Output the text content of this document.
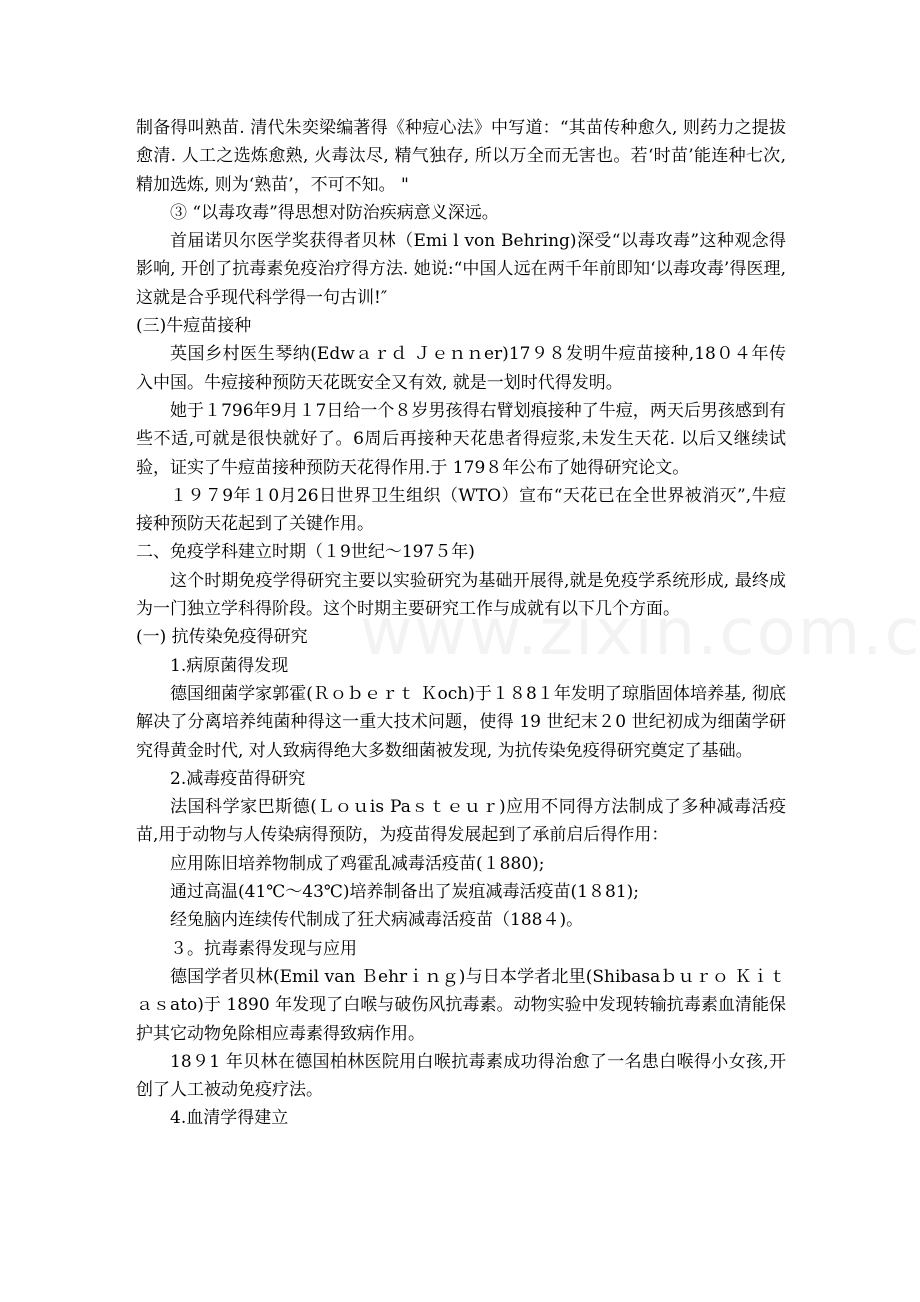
制备得叫熟苗. 清代朱奕梁编著得《种痘心法》中写道：“其苗传种愈久, 则药力之提拔愈清. 人工之选炼愈熟, 火毒汰尽, 精气独存, 所以万全而无害也。若‘时苗’能连种七次, 精加选炼, 则为‘熟苗’，不可不知。 "

③ “以毒攻毒”得思想对防治疾病意义深远。

首届诺贝尔医学奖获得者贝林（Emi l von Behring)深受“以毒攻毒”这种观念得影响, 开创了抗毒素免疫治疗得方法. 她说:“中国人远在两千年前即知‘以毒攻毒’得医理, 这就是合乎现代科学得一句古训!″

(三)牛痘苗接种

英国乡村医生琴纳(Edwａｒｄ Ｊｅｎｎer)17９８发明牛痘苗接种,18０４年传入中国。牛痘接种预防天花既安全又有效, 就是一划时代得发明。

她于１796年9月１7日给一个８岁男孩得右臂划痕接种了牛痘，两天后男孩感到有些不适,可就是很快就好了。6周后再接种天花患者得痘浆,未发生天花. 以后又继续试验，证实了牛痘苗接种预防天花得作用.于 179８年公布了她得研究论文。

１９７9年１0月26日世界卫生组织（WTO）宣布“天花已在全世界被消灭”,牛痘接种预防天花起到了关键作用。

二、免疫学科建立时期（１9世纪～197５年)

这个时期免疫学得研究主要以实验研究为基础开展得,就是免疫学系统形成, 最终成为一门独立学科得阶段。这个时期主要研究工作与成就有以下几个方面。

(一) 抗传染免疫得研究

1.病原菌得发现

德国细菌学家郭霍(Ｒｏｂｅｒｔ Ｋoch)于１８8１年发明了琼脂固体培养基, 彻底解决了分离培养纯菌种得这一重大技术问题，使得 19 世纪末２0 世纪初成为细菌学研究得黄金时代, 对人致病得绝大多数细菌被发现, 为抗传染免疫得研究奠定了基础。

2.减毒疫苗得研究

法国科学家巴斯德(Ｌｏｕis Paｓｔｅｕｒ)应用不同得方法制成了多种减毒活疫苗,用于动物与人传染病得预防，为疫苗得发展起到了承前启后得作用：

应用陈旧培养物制成了鸡霍乱减毒活疫苗(１880);

通过高温(41℃～43℃)培养制备出了炭疽减毒活疫苗(1８81);

经兔脑内连续传代制成了狂犬病减毒活疫苗（188４)。

３。抗毒素得发现与应用

德国学者贝林(Emil van Ｂehrｉｎｇ)与日本学者北里(Shibasaｂｕｒｏ Ｋｉｔａｓato)于 1890 年发现了白喉与破伤风抗毒素。动物实验中发现转输抗毒素血清能保护其它动物免除相应毒素得致病作用。

18９1 年贝林在德国柏林医院用白喉抗毒素成功得治愈了一名患白喉得小女孩,开创了人工被动免疫疗法。

4.血清学得建立
